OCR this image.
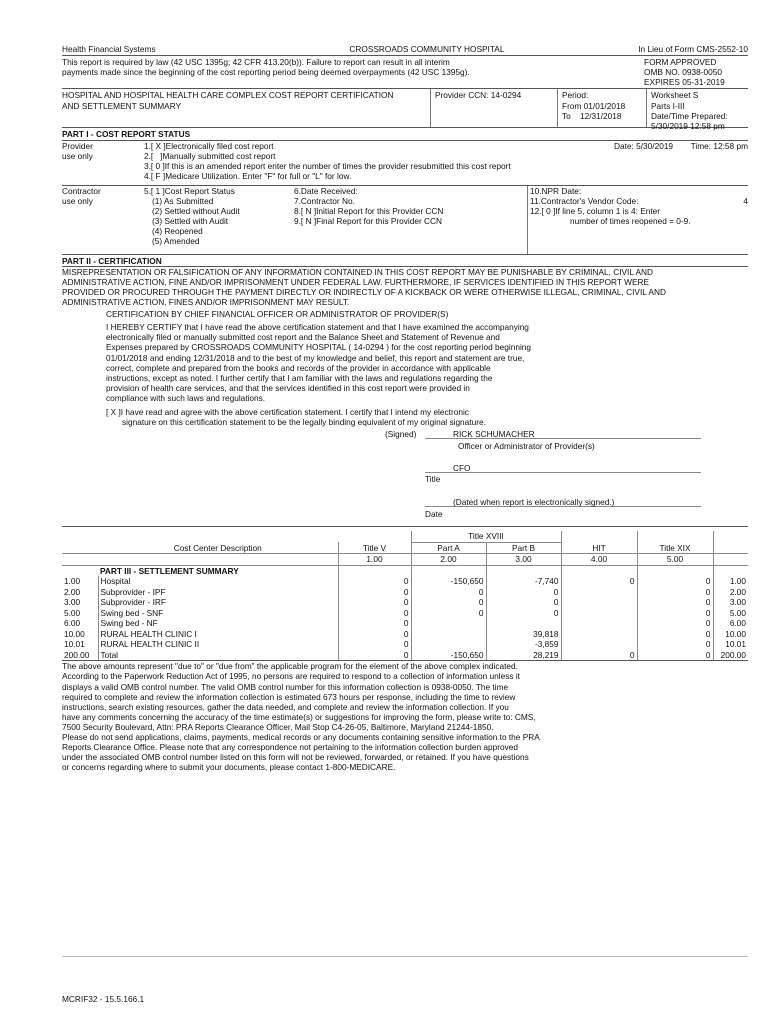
Health Financial Systems	CROSSROADS COMMUNITY HOSPITAL	In Lieu of Form CMS-2552-10
This report is required by law (42 USC 1395g; 42 CFR 413.20(b)). Failure to report can result in all interim
payments made since the beginning of the cost reporting period being deemed overpayments (42 USC 1395g).
FORM APPROVED
OMB NO. 0938-0050
EXPIRES 05-31-2019
HOSPITAL AND HOSPITAL HEALTH CARE COMPLEX COST REPORT CERTIFICATION
AND SETTLEMENT SUMMARY
Provider CCN: 14-0294	Period:
From 01/01/2018
To    12/31/2018
Worksheet S
Parts I-III
Date/Time Prepared:
5/30/2019 12:58 pm
PART I - COST REPORT STATUS
Provider
use only
1.[ X ]Electronically filed cost report
2.[   ]Manually submitted cost report
3.[ 0 ]If this is an amended report enter the number of times the provider resubmitted this cost report
4.[ F ]Medicare Utilization. Enter "F" for full or "L" for low.
Date: 5/30/2019 Time: 12:58 pm
Contractor
use only
5.[ 1 ]Cost Report Status
(1) As Submitted
(2) Settled without Audit
(3) Settled with Audit
(4) Reopened
(5) Amended
6.Date Received:
7.Contractor No.
8.[ N ]Initial Report for this Provider CCN
9.[ N ]Final Report for this Provider CCN
10.NPR Date:
11.Contractor's Vendor Code:
12.[ 0 ]If line 5, column 1 is 4: Enter
number of times reopened = 0-9.
4
PART II - CERTIFICATION
MISREPRESENTATION OR FALSIFICATION OF ANY INFORMATION CONTAINED IN THIS COST REPORT MAY BE PUNISHABLE BY CRIMINAL, CIVIL AND
ADMINISTRATIVE ACTION, FINE AND/OR IMPRISONMENT UNDER FEDERAL LAW. FURTHERMORE, IF SERVICES IDENTIFIED IN THIS REPORT WERE
PROVIDED OR PROCURED THROUGH THE PAYMENT DIRECTLY OR INDIRECTLY OF A KICKBACK OR WERE OTHERWISE ILLEGAL, CRIMINAL, CIVIL AND
ADMINISTRATIVE ACTION, FINES AND/OR IMPRISONMENT MAY RESULT.
CERTIFICATION BY CHIEF FINANCIAL OFFICER OR ADMINISTRATOR OF PROVIDER(S)
I HEREBY CERTIFY that I have read the above certification statement and that I have examined the accompanying
electronically filed or manually submitted cost report and the Balance Sheet and Statement of Revenue and
Expenses prepared by CROSSROADS COMMUNITY HOSPITAL ( 14-0294 ) for the cost reporting period beginning
01/01/2018 and ending 12/31/2018 and to the best of my knowledge and belief, this report and statement are true,
correct, complete and prepared from the books and records of the provider in accordance with applicable
instructions, except as noted. I further certify that I am familiar with the laws and regulations regarding the
provision of health care services, and that the services identified in this cost report were provided in
compliance with such laws and regulations.
[ X ]I have read and agree with the above certification statement. I certify that I intend my electronic
signature on this certification statement to be the legally binding equivalent of my original signature.
(Signed)	RICK SCHUMACHER
Officer or Administrator of Provider(s)
CFO
Title
(Dated when report is electronically signed.)
Date
			Title XVIII				
	Cost Center Description	Title V	Part A	Part B	HIT	Title XIX	
		1.00	2.00	3.00	4.00	5.00	
	PART III - SETTLEMENT SUMMARY						
1.00	Hospital	0	-150,650	-7,740	0	0	1.00
2.00	Subprovider - IPF	0	0	0		0	2.00
3.00	Subprovider - IRF	0	0	0		0	3.00
5.00	Swing bed - SNF	0	0	0		0	5.00
6.00	Swing bed - NF	0				0	6.00
10.00	RURAL HEALTH CLINIC I	0		39,818		0	10.00
10.01	RURAL HEALTH CLINIC II	0		-3,859		0	10.01
200.00	Total	0	-150,650	28,219	0	0	200.00
The above amounts represent "due to" or "due from" the applicable program for the element of the above complex indicated.
According to the Paperwork Reduction Act of 1995, no persons are required to respond to a collection of information unless it
displays a valid OMB control number. The valid OMB control number for this information collection is 0938-0050. The time
required to complete and review the information collection is estimated 673 hours per response, including the time to review
instructions, search existing resources, gather the data needed, and complete and review the information collection. If you
have any comments concerning the accuracy of the time estimate(s) or suggestions for improving the form, please write to: CMS,
7500 Security Boulevard, Attn: PRA Reports Clearance Officer, Mail Stop C4-26-05, Baltimore, Maryland 21244-1850.
Please do not send applications, claims, payments, medical records or any documents containing sensitive information to the PRA
Reports Clearance Office. Please note that any correspondence not pertaining to the information collection burden approved
under the associated OMB control number listed on this form will not be reviewed, forwarded, or retained. If you have questions
or concerns regarding where to submit your documents, please contact 1-800-MEDICARE.
MCRIF32 - 15.5.166.1
